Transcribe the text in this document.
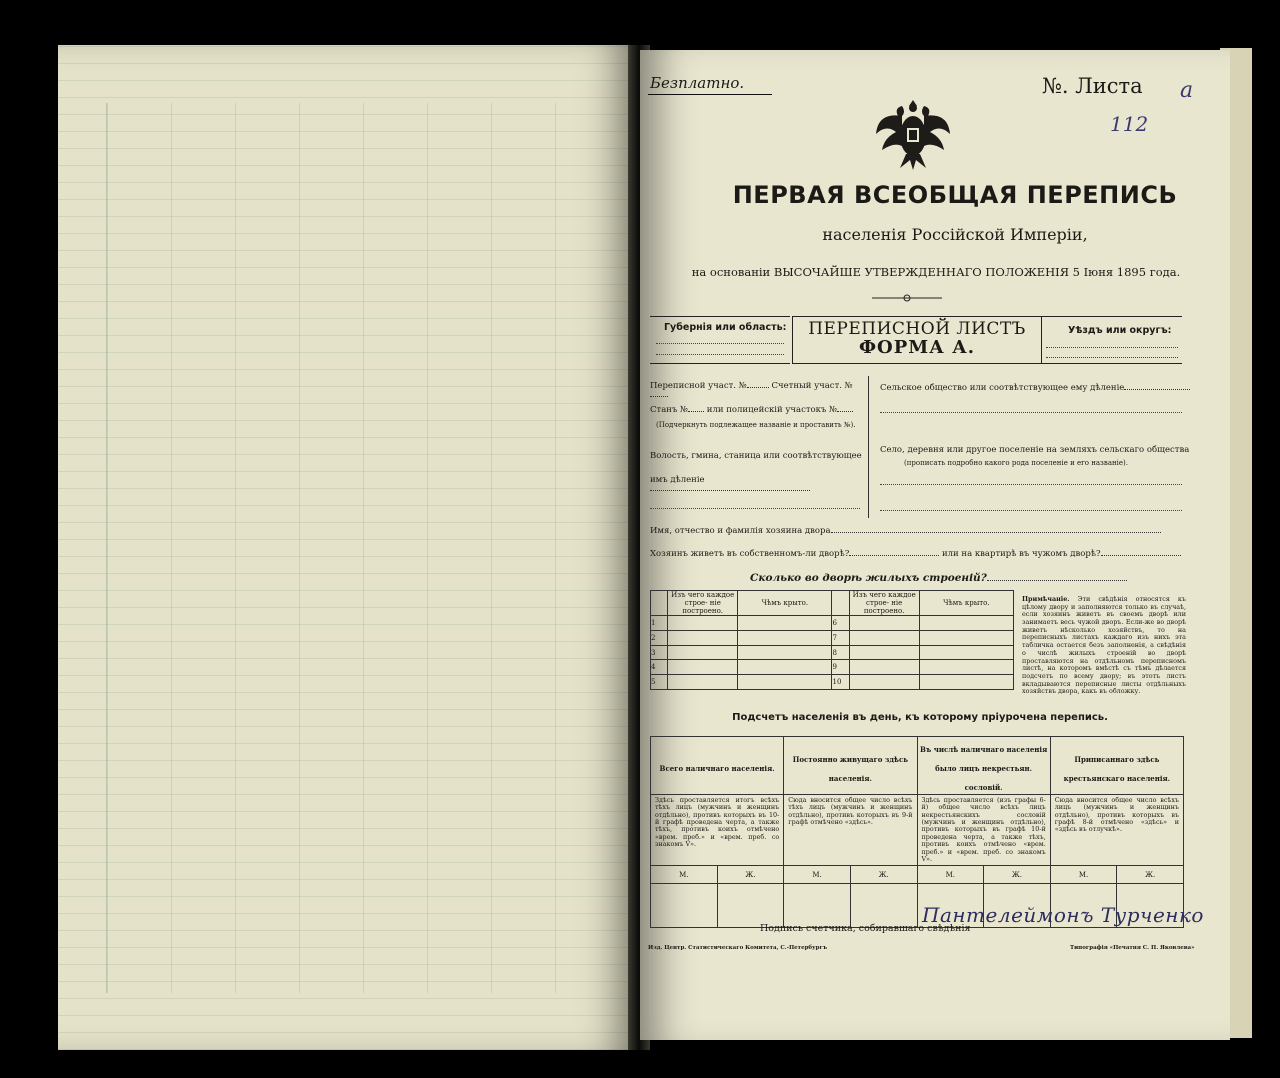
Безплатно.	№. Листа а
112
ПЕРВАЯ ВСЕОБЩАЯ ПЕРЕПИСЬ
населенія Россійской Имперіи,
на основаніи ВЫСОЧАЙШЕ УТВЕРЖДЕННАГО ПОЛОЖЕНІЯ 5 Іюня 1895 года.
Губернія или область:	ПЕРЕПИСНОЙ ЛИСТЪ
ФОРМА А.
Уѣздъ или округъ:
Переписной участ. №	Счетный участ. №
Станъ № или полицейскій участокъ №
(Подчеркнуть подлежащее названіе и проставить №).
Волость, гмина, станица или соотвѣтствующее
имъ дѣленіе
Сельское общество или соотвѣтствующее ему дѣленіе
Село, деревня или другое поселеніе на земляхъ сельскаго общества
(прописать подробно какого рода поселеніе и его названіе).
Имя, отчество и фамилія хозяина двора
Хозяинъ живетъ въ собственномъ-ли дворѣ?	или на квартирѣ въ чужомъ дворѣ?
Сколько во дворѣ жилыхъ строеній?
	Изъ чего каждое строе- ніе построено.	Чѣмъ крыто.		Изъ чего каждое строе- ніе построено.	Чѣмъ крыто.
1			6		
2			7		
3			8		
4			9		
5			10		
Примѣчаніе. Эти свѣдѣнія относятся къ цѣлому двору и заполняются только въ случаѣ, если хозяинъ живетъ въ своемъ дворѣ или занимаетъ весь чужой дворъ. Если-же во дворѣ живетъ нѣсколько хозяйствъ, то на переписныхъ листахъ каждаго изъ нихъ эта табличка остается безъ заполненія, а свѣдѣнія о числѣ жилыхъ строеній во дворѣ проставляются на отдѣльномъ переписномъ листѣ, на которомъ вмѣстѣ съ тѣмъ дѣлается подсчетъ по всему двору; въ этотъ листъ вкладываются переписные листы отдѣльныхъ хозяйствъ двора, какъ въ обложку.
Подсчетъ населенія въ день, къ которому пріурочена перепись.
Всего наличнаго населенія.		Постоянно живущаго здѣсь населенія.		Въ числѣ наличнаго населенія было лицъ некрестьян. сословій.		Приписаннаго здѣсь крестьянскаго населенія.	

Здѣсь проставляется итогъ всѣхъ тѣхъ лицъ (мужчинъ и женщинъ отдѣльно), противъ которыхъ въ 10-й графѣ проведена черта, а также тѣхъ, противъ коихъ отмѣчено «врем. преб.» и «врем. преб. со знакомъ V».		Сюда вносится общее число всѣхъ тѣхъ лицъ (мужчинъ и женщинъ отдѣльно), противъ которыхъ въ 9-й графѣ отмѣчено «здѣсь».		Здѣсь проставляется (изъ графы 6-й) общее число всѣхъ лицъ некрестьянскихъ сословій (мужчинъ и женщинъ отдѣльно), противъ которыхъ въ графѣ 10-й проведена черта, а также тѣхъ, противъ коихъ отмѣчено «врем. преб.» и «врем. преб. со знакомъ V».		Сюда вносится общее число всѣхъ лицъ (мужчинъ и женщинъ отдѣльно), противъ которыхъ въ графѣ 8-й отмѣчено «здѣсь» и «здѣсь въ отлучкѣ».	

М.	Ж.	М.	Ж.	М.	Ж.	М.	Ж.

Подпись счетчика, собиравшаго свѣдѣнія
Пантелеймонъ Турченко
Изд. Центр. Статистическаго Комитета, С.-Петербургъ	Типографія «Печатня С. П. Яковлева»
